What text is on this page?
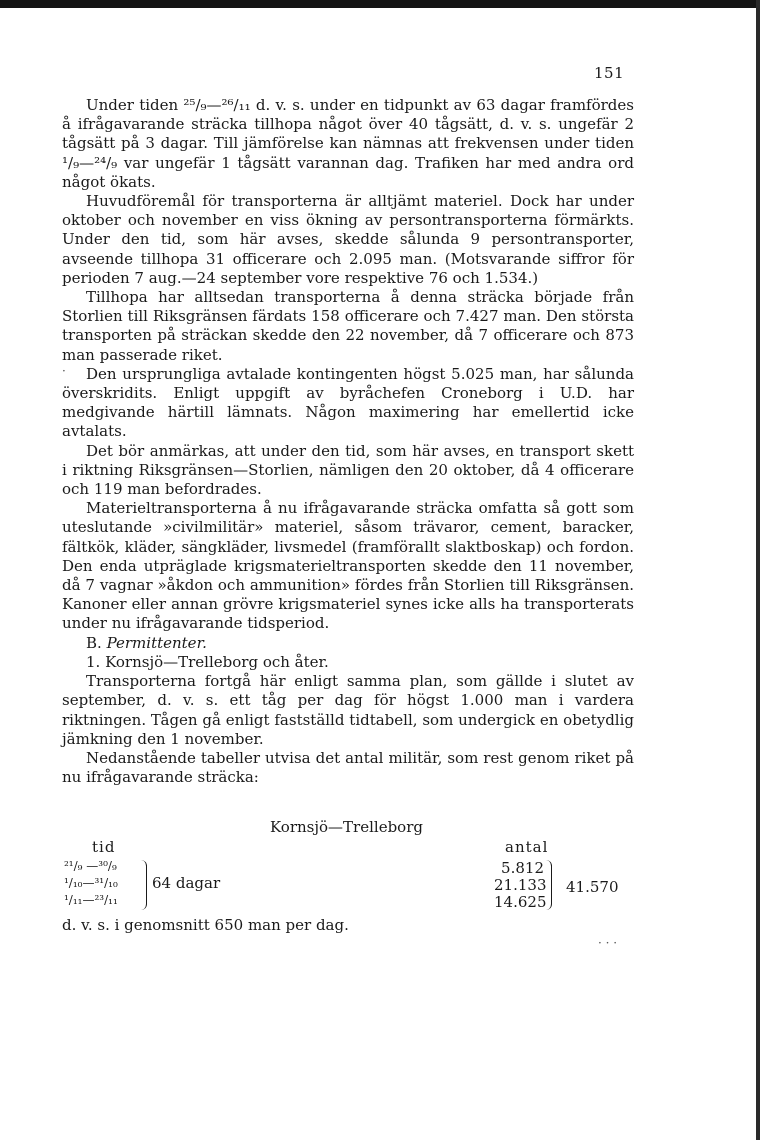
151

Under tiden ²⁵/₉—²⁶/₁₁ d. v. s. under en tidpunkt av 63 dagar framfördes å ifrågavarande sträcka tillhopa något över 40 tågsätt, d. v. s. ungefär 2 tågsätt på 3 dagar. Till jämförelse kan nämnas att frekvensen under tiden ¹/₉—²⁴/₉ var ungefär 1 tågsätt varannan dag. Trafiken har med andra ord något ökats.

Huvudföremål för transporterna är alltjämt materiel. Dock har under oktober och november en viss ökning av persontransporterna förmärkts. Under den tid, som här avses, skedde sålunda 9 persontransporter, avseende tillhopa 31 officerare och 2.095 man. (Motsvarande siffror för perioden 7 aug.—24 september vore respektive 76 och 1.534.)

Tillhopa har alltsedan transporterna å denna sträcka började från Storlien till Riksgränsen färdats 158 officerare och 7.427 man. Den största transporten på sträckan skedde den 22 november, då 7 officerare och 873 man passerade riket.

Den ursprungliga avtalade kontingenten högst 5.025 man, har sålunda överskridits. Enligt uppgift av byråchefen Croneborg i U.D. har medgivande härtill lämnats. Någon maximering har emellertid icke avtalats.

Det bör anmärkas, att under den tid, som här avses, en transport skett i riktning Riksgränsen—Storlien, nämligen den 20 oktober, då 4 officerare och 119 man befordrades.

Materieltransporterna å nu ifrågavarande sträcka omfatta så gott som uteslutande »civilmilitär» materiel, såsom trävaror, cement, baracker, fältkök, kläder, sängkläder, livsmedel (framförallt slaktboskap) och fordon. Den enda utpräglade krigsmaterieltransporten skedde den 11 november, då 7 vagnar »åkdon och ammunition» fördes från Storlien till Riksgränsen. Kanoner eller annan grövre krigsmateriel synes icke alls ha transporterats under nu ifrågavarande tidsperiod.

B. Permittenter.

1. Kornsjö—Trelleborg och åter.

Transporterna fortgå här enligt samma plan, som gällde i slutet av september, d. v. s. ett tåg per dag för högst 1.000 man i vardera riktningen. Tågen gå enligt fastställd tidtabell, som undergick en obetydlig jämkning den 1 november.

Nedanstående tabeller utvisa det antal militär, som rest genom riket på nu ifrågavarande sträcka:

Kornsjö—Trelleborg
tid	antal
²¹/₉ —³⁰/₉
¹/₁₀—³¹/₁₀
¹/₁₁—²³/₁₁
64 dagar
5.812
21.133
14.625
41.570
d. v. s. i genomsnitt 650 man per dag.
·
· · ·
